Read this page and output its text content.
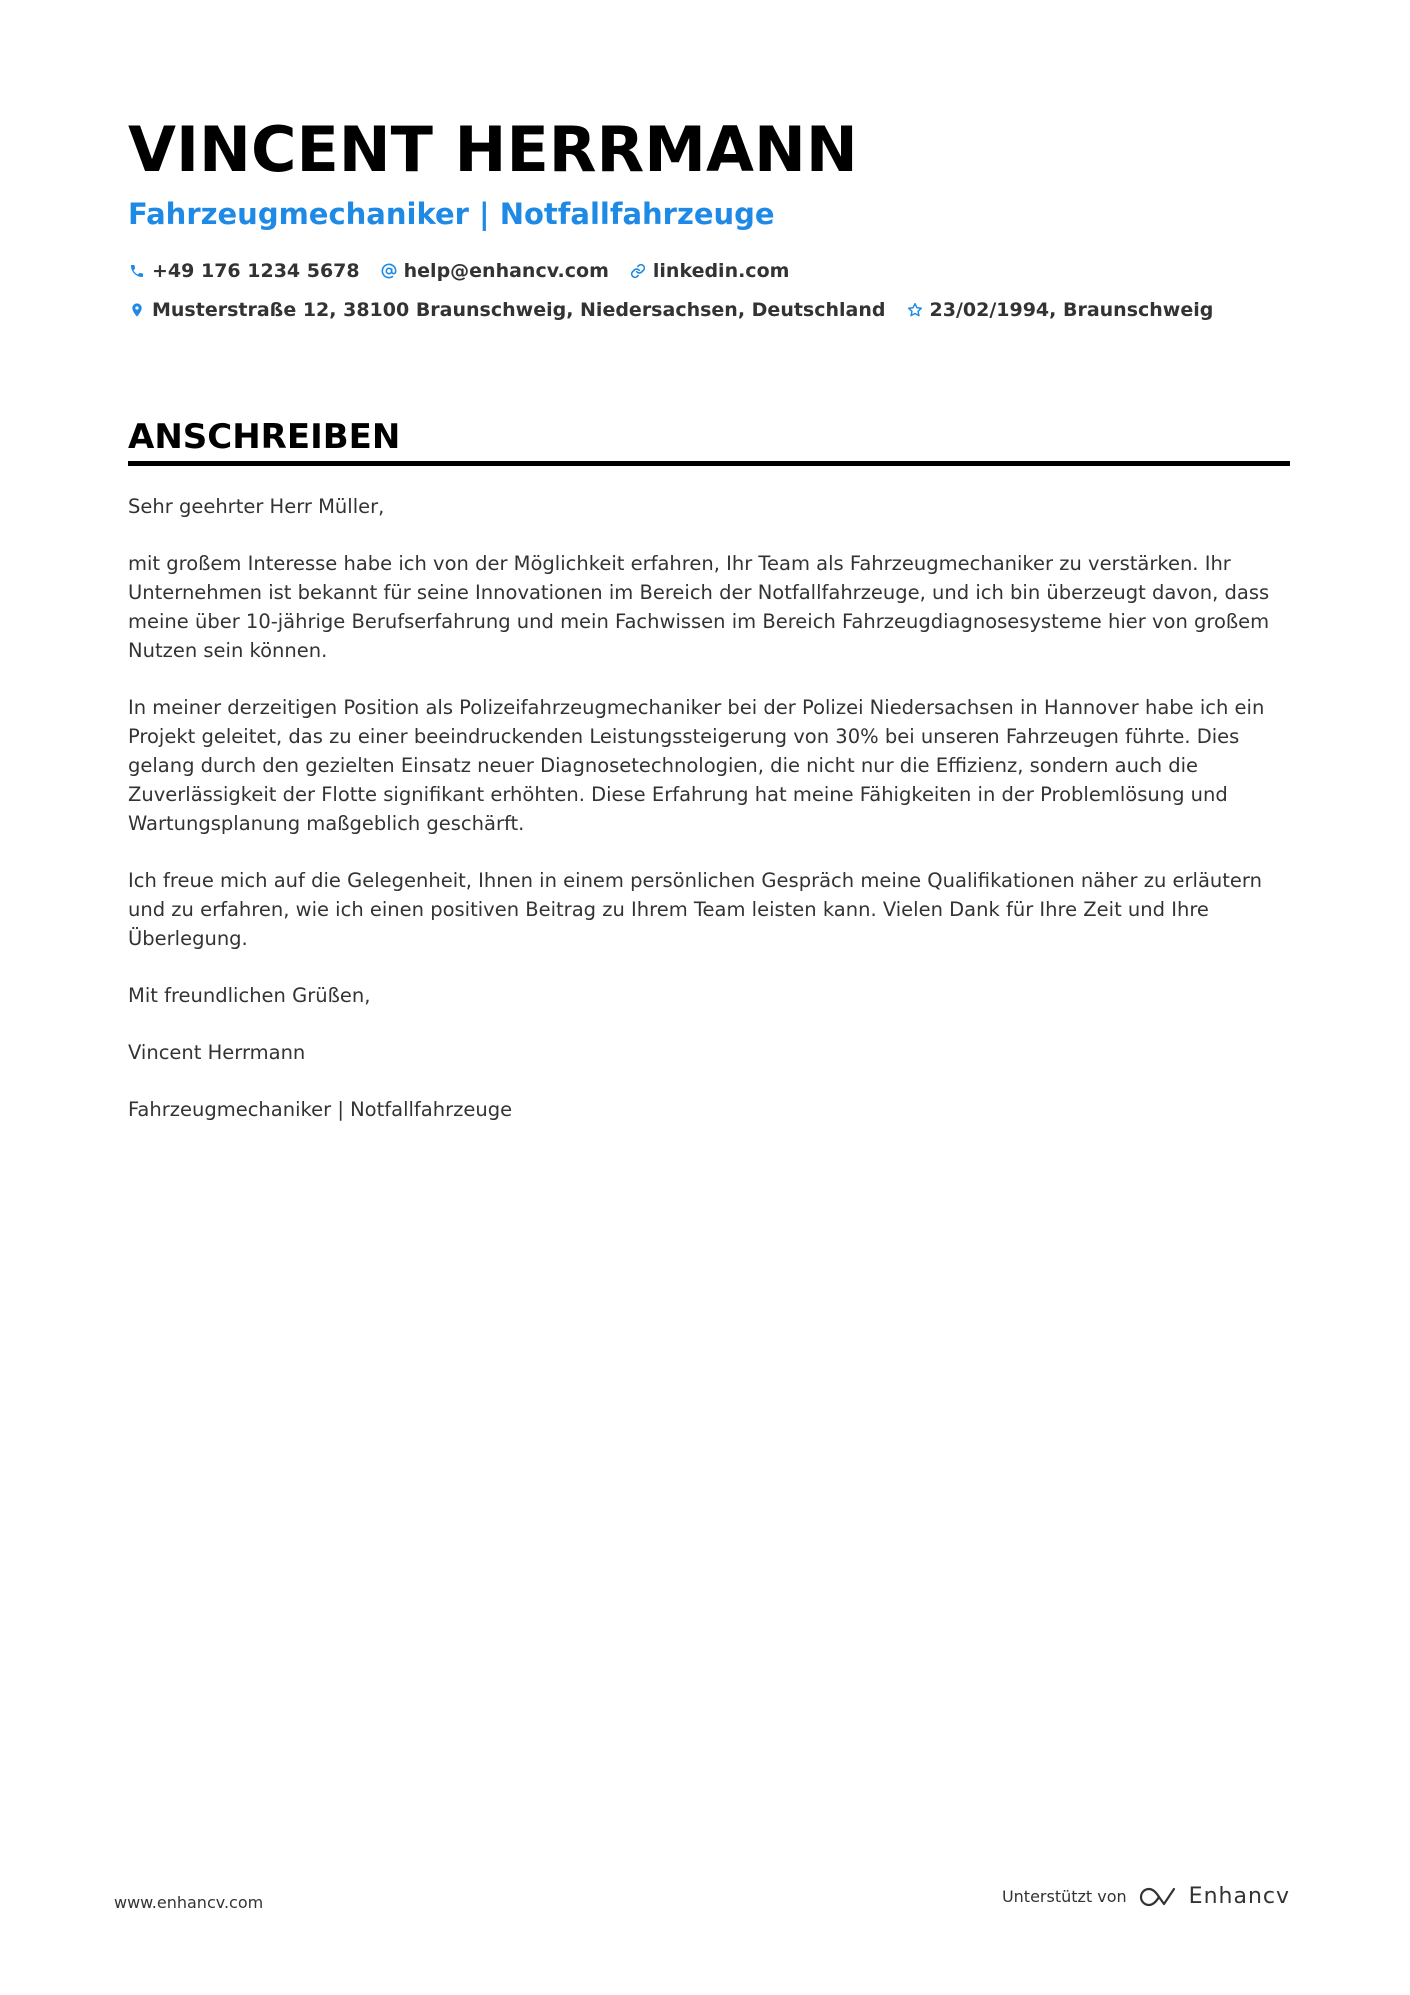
VINCENT HERRMANN
Fahrzeugmechaniker | Notfallfahrzeuge
+49 176 1234 5678 help@enhancv.com linkedin.com
Musterstraße 12, 38100 Braunschweig, Niedersachsen, Deutschland 23/02/1994, Braunschweig
ANSCHREIBEN

Sehr geehrter Herr Müller,

mit großem Interesse habe ich von der Möglichkeit erfahren, Ihr Team als Fahrzeugmechaniker zu verstärken. Ihr Unternehmen ist bekannt für seine Innovationen im Bereich der Notfallfahrzeuge, und ich bin überzeugt davon, dass meine über 10-jährige Berufserfahrung und mein Fachwissen im Bereich Fahrzeugdiagnosesysteme hier von großem Nutzen sein können.

In meiner derzeitigen Position als Polizeifahrzeugmechaniker bei der Polizei Niedersachsen in Hannover habe ich ein Projekt geleitet, das zu einer beeindruckenden Leistungssteigerung von 30% bei unseren Fahrzeugen führte. Dies gelang durch den gezielten Einsatz neuer Diagnosetechnologien, die nicht nur die Effizienz, sondern auch die Zuverlässigkeit der Flotte signifikant erhöhten. Diese Erfahrung hat meine Fähigkeiten in der Problemlösung und Wartungsplanung maßgeblich geschärft.

Ich freue mich auf die Gelegenheit, Ihnen in einem persönlichen Gespräch meine Qualifikationen näher zu erläutern und zu erfahren, wie ich einen positiven Beitrag zu Ihrem Team leisten kann. Vielen Dank für Ihre Zeit und Ihre Überlegung.

Mit freundlichen Grüßen,

Vincent Herrmann

Fahrzeugmechaniker | Notfallfahrzeuge

www.enhancv.com	Unterstützt von	Enhancv
